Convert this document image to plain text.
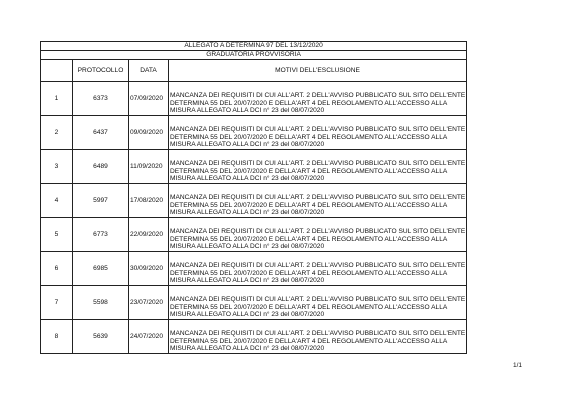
ALLEGATO A DETERMINA 97 DEL 13/12/2020			
GRADUATORIA PROVVISORIA			
	PROTOCOLLO	DATA	MOTIVI DELL'ESCLUSIONE
1	6373	07/09/2020	MANCANZA DEI REQUISITI DI CUI ALL'ART. 2 DELL'AVVISO PUBBLICATO SUL SITO DELL'ENTE DETERMINA 55 DEL 20/07/2020 E DELLA'ART 4 DEL REGOLAMENTO ALL'ACCESSO ALLA MISURA ALLEGATO ALLA DCI n° 23 del 08/07/2020
2	6437	09/09/2020	MANCANZA DEI REQUISITI DI CUI ALL'ART. 2 DELL'AVVISO PUBBLICATO SUL SITO DELL'ENTE DETERMINA 55 DEL 20/07/2020 E DELLA'ART 4 DEL REGOLAMENTO ALL'ACCESSO ALLA MISURA ALLEGATO ALLA DCI n° 23 del 08/07/2020
3	6489	11/09/2020	MANCANZA DEI REQUISITI DI CUI ALL'ART. 2 DELL'AVVISO PUBBLICATO SUL SITO DELL'ENTE DETERMINA 55 DEL 20/07/2020 E DELLA'ART 4 DEL REGOLAMENTO ALL'ACCESSO ALLA MISURA ALLEGATO ALLA DCI n° 23 del 08/07/2020
4	5997	17/08/2020	MANCANZA DEI REQUISITI DI CUI ALL'ART. 2 DELL'AVVISO PUBBLICATO SUL SITO DELL'ENTE DETERMINA 55 DEL 20/07/2020 E DELLA'ART 4 DEL REGOLAMENTO ALL'ACCESSO ALLA MISURA ALLEGATO ALLA DCI n° 23 del 08/07/2020
5	6773	22/09/2020	MANCANZA DEI REQUISITI DI CUI ALL'ART. 2 DELL'AVVISO PUBBLICATO SUL SITO DELL'ENTE DETERMINA 55 DEL 20/07/2020 E DELLA'ART 4 DEL REGOLAMENTO ALL'ACCESSO ALLA MISURA ALLEGATO ALLA DCI n° 23 del 08/07/2020
6	6985	30/09/2020	MANCANZA DEI REQUISITI DI CUI ALL'ART. 2 DELL'AVVISO PUBBLICATO SUL SITO DELL'ENTE DETERMINA 55 DEL 20/07/2020 E DELLA'ART 4 DEL REGOLAMENTO ALL'ACCESSO ALLA MISURA ALLEGATO ALLA DCI n° 23 del 08/07/2020
7	5598	23/07/2020	MANCANZA DEI REQUISITI DI CUI ALL'ART. 2 DELL'AVVISO PUBBLICATO SUL SITO DELL'ENTE DETERMINA 55 DEL 20/07/2020 E DELLA'ART 4 DEL REGOLAMENTO ALL'ACCESSO ALLA MISURA ALLEGATO ALLA DCI n° 23 del 08/07/2020
8	5639	24/07/2020	MANCANZA DEI REQUISITI DI CUI ALL'ART. 2 DELL'AVVISO PUBBLICATO SUL SITO DELL'ENTE DETERMINA 55 DEL 20/07/2020 E DELLA'ART 4 DEL REGOLAMENTO ALL'ACCESSO ALLA MISURA ALLEGATO ALLA DCI n° 23 del 08/07/2020
1/1
